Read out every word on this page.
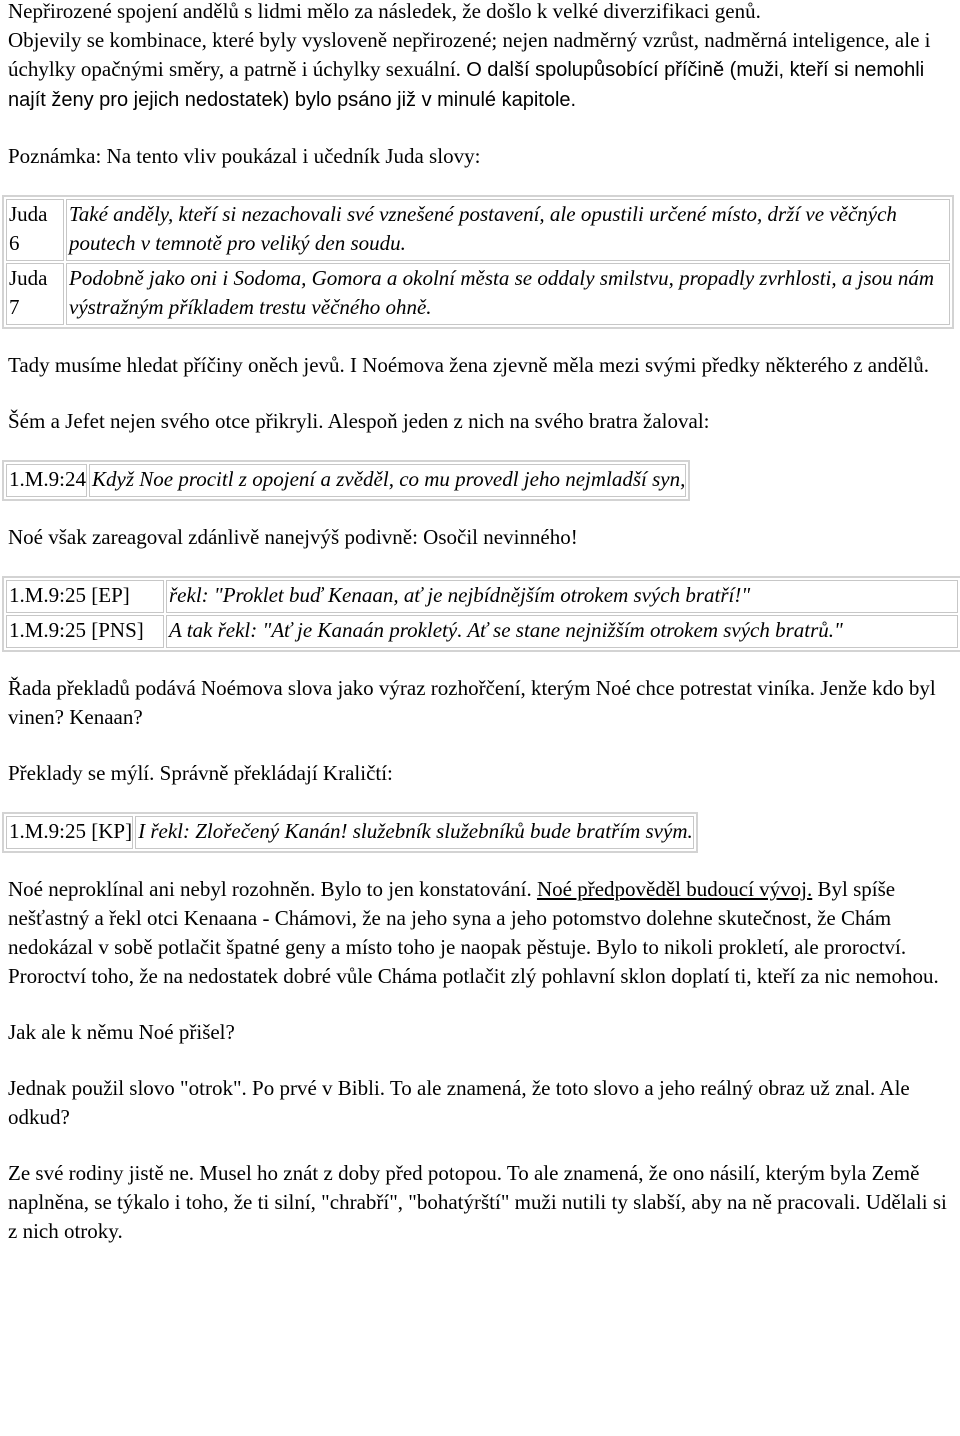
Nepřirozené spojení andělů s lidmi mělo za následek, že došlo k velké diverzifikaci genů.
Objevily se kombinace, které byly vysloveně nepřirozené; nejen nadměrný vzrůst, nadměrná inteligence, ale i úchylky opačnými směry, a patrně i úchylky sexuální. O další spolupůsobící příčině (muži, kteří si nemohli najít ženy pro jejich nedostatek) bylo psáno již v minulé kapitole.

Poznámka: Na tento vliv poukázal i učedník Juda slovy:

Juda 6	Také anděly, kteří si nezachovali své vznešené postavení, ale opustili určené místo, drží ve věčných poutech v temnotě pro veliký den soudu.
Juda 7	Podobně jako oni i Sodoma, Gomora a okolní města se oddaly smilstvu, propadly zvrhlosti, a jsou nám výstražným příkladem trestu věčného ohně.

Tady musíme hledat příčiny oněch jevů. I Noémova žena zjevně měla mezi svými předky některého z andělů.

Šém a Jefet nejen svého otce přikryli. Alespoň jeden z nich na svého bratra žaloval:

1.M.9:24	Když Noe procitl z opojení a zvěděl, co mu provedl jeho nejmladší syn,

Noé však zareagoval zdánlivě nanejvýš podivně: Osočil nevinného!

1.M.9:25 [EP]	řekl: "Proklet buď Kenaan, ať je nejbídnějším otrokem svých bratří!"
1.M.9:25 [PNS]	A tak řekl: "Ať je Kanaán prokletý. Ať se stane nejnižším otrokem svých bratrů."

Řada překladů podává Noémova slova jako výraz rozhořčení, kterým Noé chce potrestat viníka. Jenže kdo byl vinen? Kenaan?

Překlady se mýlí. Správně překládají Kraličtí:

1.M.9:25 [KP]	I řekl: Zlořečený Kanán! služebník služebníků bude bratřím svým.

Noé neproklínal ani nebyl rozohněn. Bylo to jen konstatování. Noé předpověděl budoucí vývoj. Byl spíše nešťastný a řekl otci Kenaana - Chámovi, že na jeho syna a jeho potomstvo dolehne skutečnost, že Chám nedokázal v sobě potlačit špatné geny a místo toho je naopak pěstuje. Bylo to nikoli prokletí, ale proroctví. Proroctví toho, že na nedostatek dobré vůle Cháma potlačit zlý pohlavní sklon doplatí ti, kteří za nic nemohou.

Jak ale k němu Noé přišel?

Jednak použil slovo "otrok". Po prvé v Bibli. To ale znamená, že toto slovo a jeho reálný obraz už znal. Ale odkud?

Ze své rodiny jistě ne. Musel ho znát z doby před potopou. To ale znamená, že ono násilí, kterým byla Země naplněna, se týkalo i toho, že ti silní, "chrabří", "bohatýrští" muži nutili ty slabší, aby na ně pracovali. Udělali si z nich otroky.
